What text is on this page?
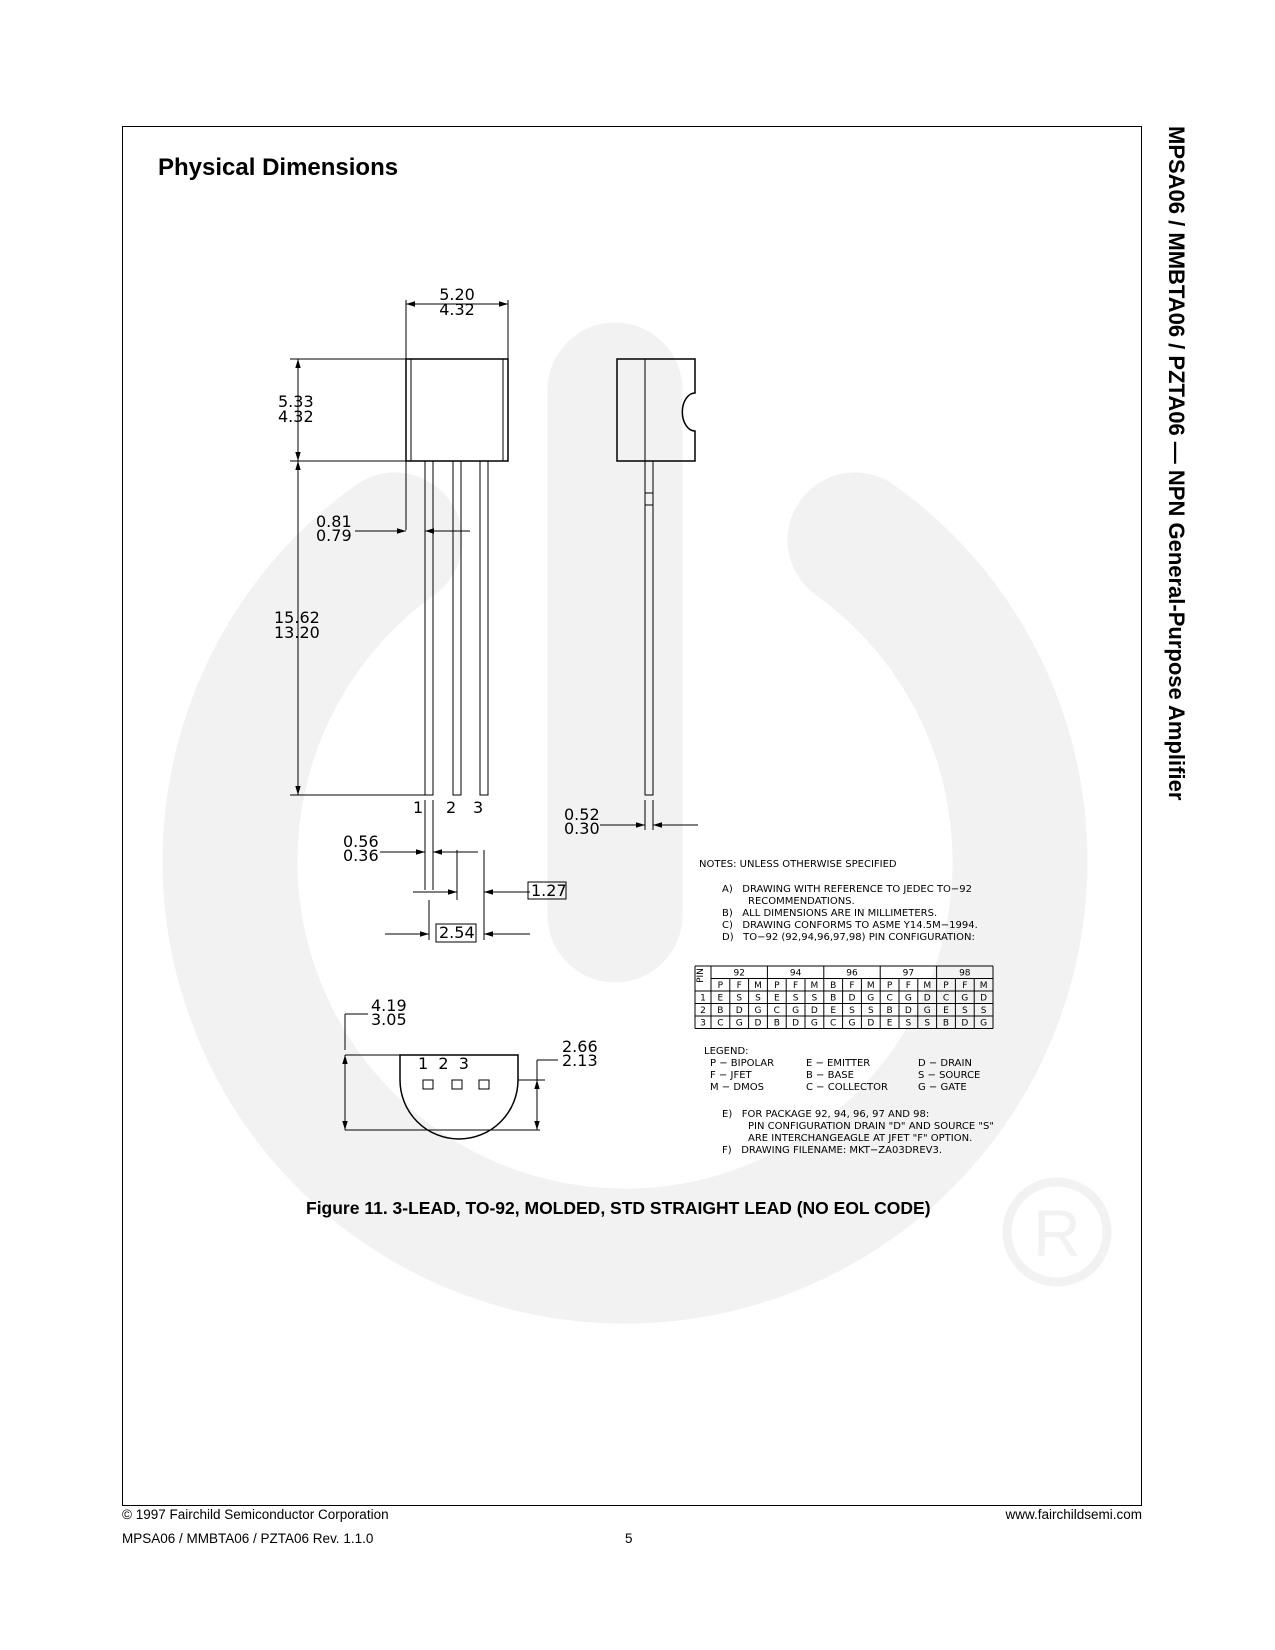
R
MPSA06 / MMBTA06 / PZTA06 — NPN General-Purpose Amplifier
Physical Dimensions
5.20
4.32
5.33
4.32
0.81
0.79
15.62
13.20
1 2 3
0.56
0.36
1.27
2.54
0.52
0.30
4.19
3.05
1  2  3
2.66
2.13
NOTES: UNLESS OTHERWISE SPECIFIED
A)   DRAWING WITH REFERENCE TO JEDEC TO−92
RECOMMENDATIONS.
B)   ALL DIMENSIONS ARE IN MILLIMETERS.
C)   DRAWING CONFORMS TO ASME Y14.5M−1994.
D)   TO−92 (92,94,96,97,98) PIN CONFIGURATION:
LEGEND:
P − BIPOLAR
F − JFET
M − DMOS
E − EMITTER
B − BASE
C − COLLECTOR
D − DRAIN
S − SOURCE
G − GATE
E)   FOR PACKAGE 92, 94, 96, 97 AND 98:
PIN CONFIGURATION DRAIN "D" AND SOURCE "S"
ARE INTERCHANGEAGLE AT JFET "F" OPTION.
F)   DRAWING FILENAME: MKT−ZA03DREV3.
PIN	92	94	96	97	98
P F M P F M B F M P F M P F M
1 E S S E S S B D G C G D C G D
2 B D G C G D E S S B D G E S S
3 C G D B D G C G D E S S B D G
Figure 11. 3-LEAD, TO-92, MOLDED, STD STRAIGHT LEAD (NO EOL CODE)
© 1997 Fairchild Semiconductor Corporation
MPSA06 / MMBTA06 / PZTA06 Rev. 1.1.0	5
www.fairchildsemi.com
